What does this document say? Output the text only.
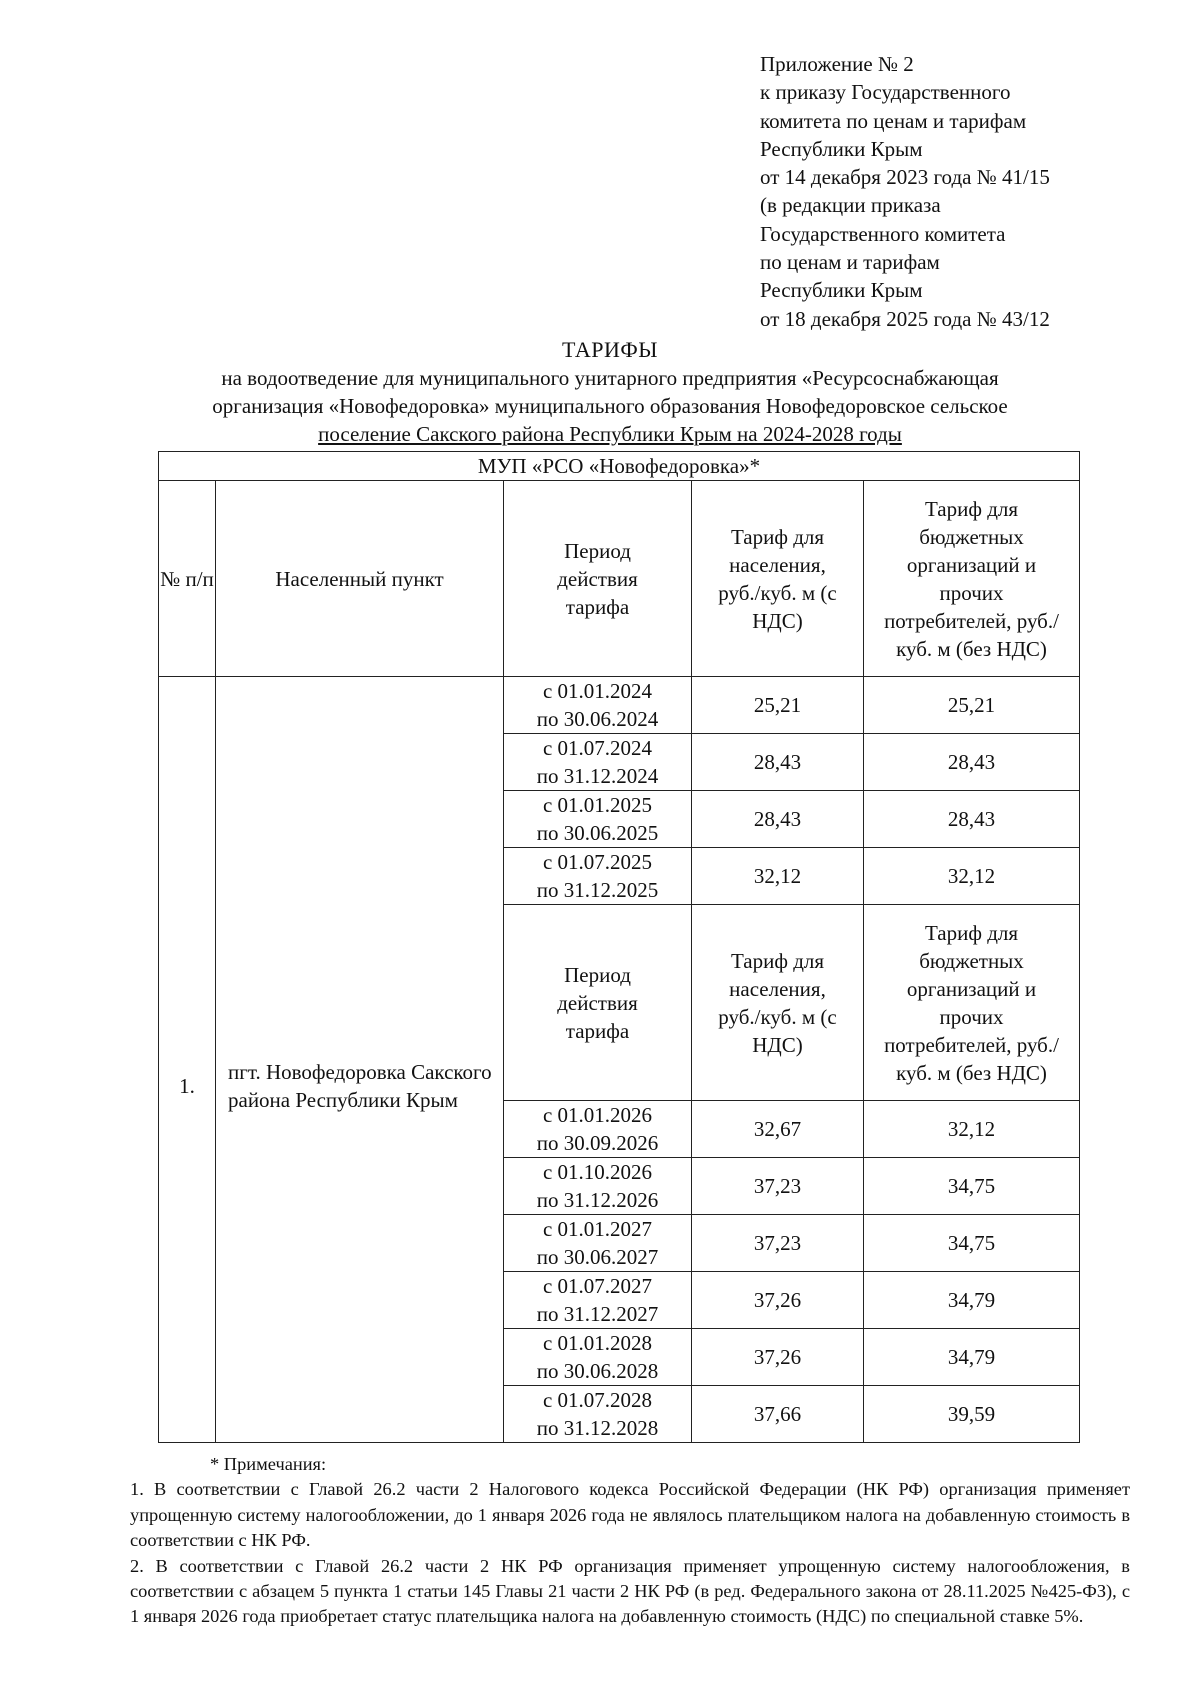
Приложение № 2
к приказу Государственного
комитета по ценам и тарифам
Республики Крым
от 14 декабря 2023 года № 41/15
(в редакции приказа
Государственного комитета
по ценам и тарифам
Республики Крым
от 18 декабря 2025 года № 43/12
ТАРИФЫ
на водоотведение для муниципального унитарного предприятия «Ресурсоснабжающая
организация «Новофедоровка» муниципального образования Новофедоровское сельское
поселение Сакского района Республики Крым на 2024-2028 годы
МУП «РСО «Новофедоровка»*				
№ п/п	Населенный пункт	Период действия тарифа	Тариф для населения, руб./куб. м (с НДС)	Тариф для бюджетных организаций и прочих потребителей, руб./куб. м (без НДС)
1.	пгт. Новофедоровка Сакского района Республики Крым	с 01.01.2024
по 30.06.2024	25,21	25,21

		с 01.07.2024
по 31.12.2024	28,43	28,43

		с 01.01.2025
по 30.06.2025	28,43	28,43

		с 01.07.2025
по 31.12.2025	32,12	32,12
		Период действия тарифа	Тариф для населения, руб./куб. м (с НДС)	Тариф для бюджетных организаций и прочих потребителей, руб./куб. м (без НДС)

		с 01.01.2026
по 30.09.2026	32,67	32,12

		с 01.10.2026
по 31.12.2026	37,23	34,75

		с 01.01.2027
по 30.06.2027	37,23	34,75

		с 01.07.2027
по 31.12.2027	37,26	34,79

		с 01.01.2028
по 30.06.2028	37,26	34,79

		с 01.07.2028
по 31.12.2028	37,66	39,59
* Примечания:

1. В соответствии с Главой 26.2 части 2 Налогового кодекса Российской Федерации (НК РФ) организация применяет упрощенную систему налогообложении, до 1 января 2026 года не являлось плательщиком налога на добавленную стоимость в соответствии с НК РФ.

2. В соответствии с Главой 26.2 части 2 НК РФ организация применяет упрощенную систему налогообложения, в соответствии с абзацем 5 пункта 1 статьи 145 Главы 21 части 2 НК РФ (в ред. Федерального закона от 28.11.2025 №425-ФЗ), с 1 января 2026 года приобретает статус плательщика налога на добавленную стоимость (НДС) по специальной ставке 5%.
